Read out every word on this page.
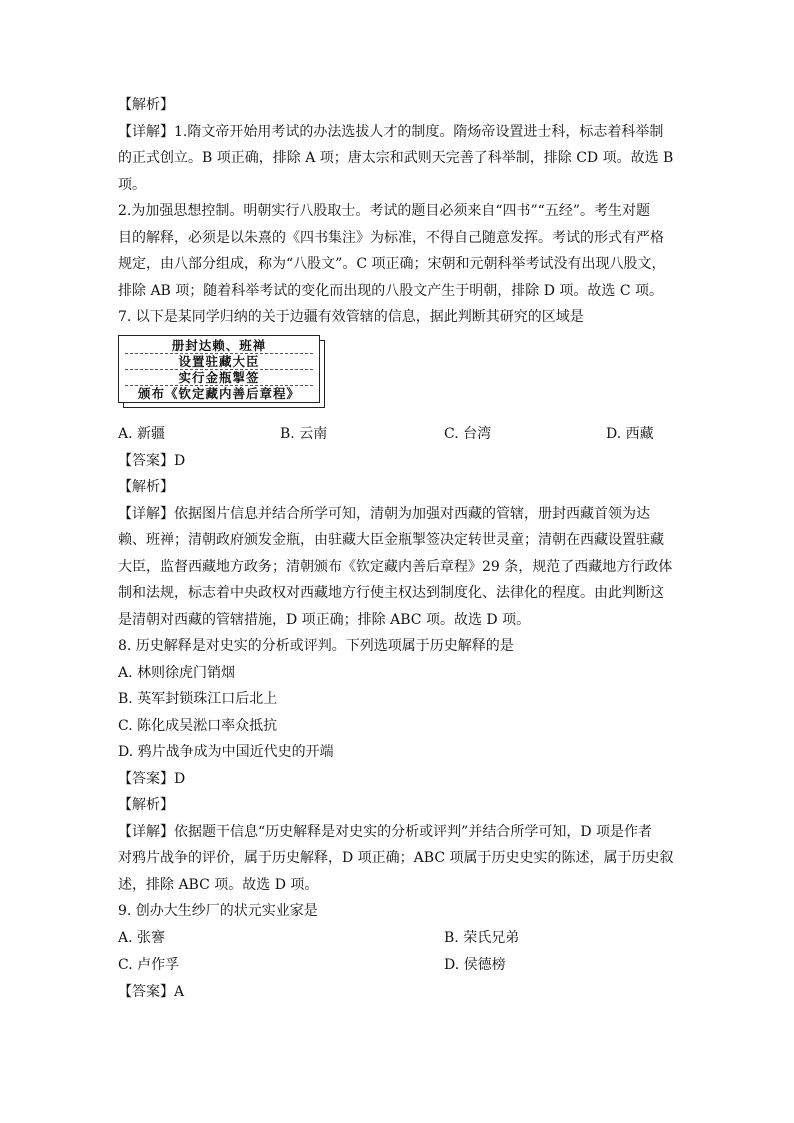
【解析】
【详解】1.隋文帝开始用考试的办法选拔人才的制度。隋炀帝设置进士科，标志着科举制
的正式创立。B 项正确，排除 A 项；唐太宗和武则天完善了科举制，排除 CD 项。故选 B
项。
2.为加强思想控制。明朝实行八股取士。考试的题目必须来自“四书”“五经”。考生对题
目的解释，必须是以朱熹的《四书集注》为标准，不得自己随意发挥。考试的形式有严格
规定，由八部分组成，称为“八股文”。C 项正确；宋朝和元朝科举考试没有出现八股文，
排除 AB 项；随着科举考试的变化而出现的八股文产生于明朝，排除 D 项。故选 C 项。
7. 以下是某同学归纳的关于边疆有效管辖的信息，据此判断其研究的区域是
册封达赖、班禅
设置驻藏大臣
实行金瓶掣签
颁布《钦定藏内善后章程》
A. 新疆	B. 云南	C. 台湾	D. 西藏
【答案】D
【解析】
【详解】依据图片信息并结合所学可知，清朝为加强对西藏的管辖，册封西藏首领为达
赖、班禅；清朝政府颁发金瓶，由驻藏大臣金瓶掣签决定转世灵童；清朝在西藏设置驻藏
大臣，监督西藏地方政务；清朝颁布《钦定藏内善后章程》29 条，规范了西藏地方行政体
制和法规，标志着中央政权对西藏地方行使主权达到制度化、法律化的程度。由此判断这
是清朝对西藏的管辖措施，D 项正确；排除 ABC 项。故选 D 项。
8. 历史解释是对史实的分析或评判。下列选项属于历史解释的是
A. 林则徐虎门销烟
B. 英军封锁珠江口后北上
C. 陈化成吴淞口率众抵抗
D. 鸦片战争成为中国近代史的开端
【答案】D
【解析】
【详解】依据题干信息“历史解释是对史实的分析或评判”并结合所学可知，D 项是作者
对鸦片战争的评价，属于历史解释，D 项正确；ABC 项属于历史史实的陈述，属于历史叙
述，排除 ABC 项。故选 D 项。
9. 创办大生纱厂的状元实业家是
A. 张謇	B. 荣氏兄弟
C. 卢作孚	D. 侯德榜
【答案】A
